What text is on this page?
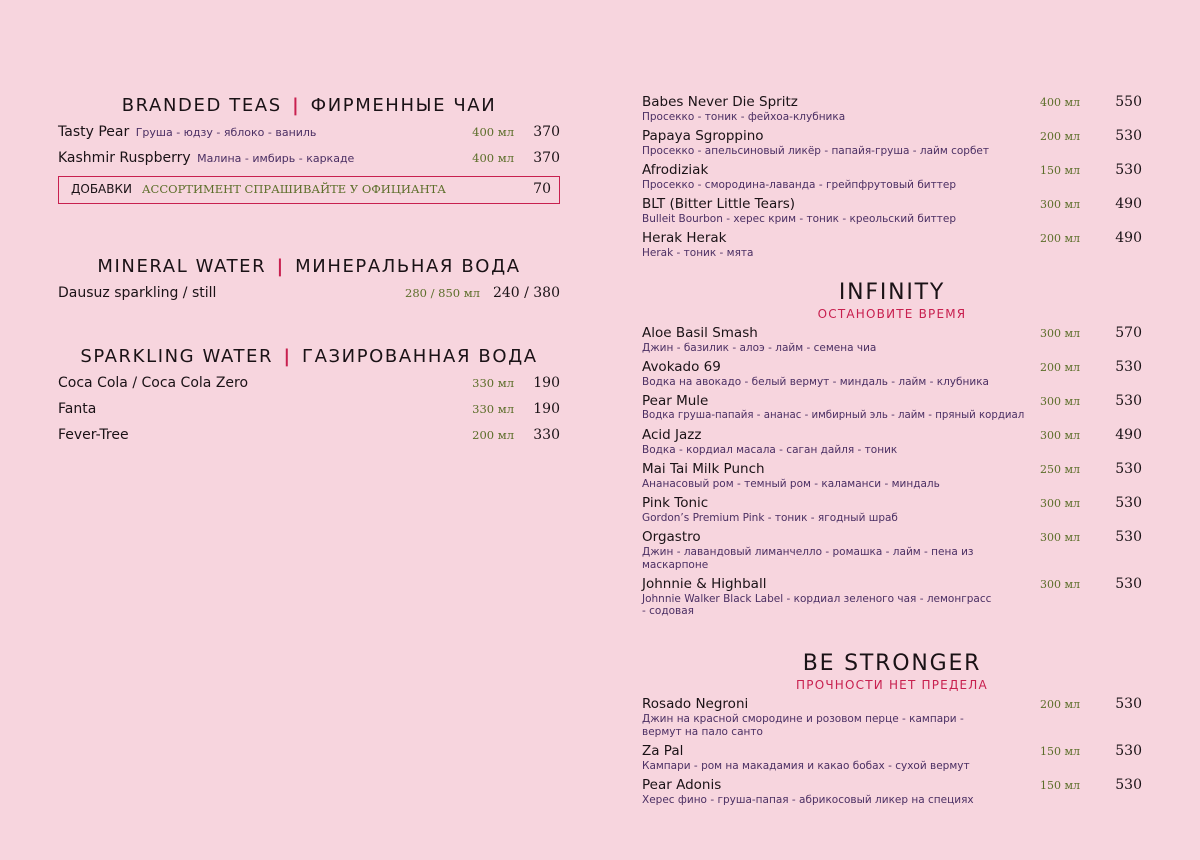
BRANDED TEAS | ФИРМЕННЫЕ ЧАИ
Tasty Pear Груша - юдзу - яблоко - ваниль	400 мл 370
Kashmir Ruspberry Малина - имбирь - каркаде	400 мл 370
ДОБАВКИ АССОРТИМЕНТ СПРАШИВАЙТЕ У ОФИЦИАНТА	70
MINERAL WATER | МИНЕРАЛЬНАЯ ВОДА
Dausuz sparkling / still	280 / 850 мл 240 / 380
SPARKLING WATER | ГАЗИРОВАННАЯ ВОДА
Coca Cola / Coca Cola Zero	330 мл 190
Fanta	330 мл 190
Fever-Tree	200 мл 330
Babes Never Die Spritz
Просекко - тоник - фейхоа-клубника
400 мл	550
Papaya Sgroppino
Просекко - апельсиновый ликёр - папайя-груша - лайм сорбет
200 мл	530
Afrodiziak
Просекко - смородина-лаванда - грейпфрутовый биттер
150 мл	530
BLT (Bitter Little Tears)
Bulleit Bourbon - херес крим - тоник - креольский биттер
300 мл	490
Herak Herak
Herak - тоник - мята
200 мл	490
INFINITY
ОСТАНОВИТЕ ВРЕМЯ
Aloe Basil Smash
Джин - базилик - алоэ - лайм - семена чиа
300 мл	570
Avokado 69
Водка на авокадо - белый вермут - миндаль - лайм - клубника
200 мл	530
Pear Mule
Водка груша-папайя - ананас - имбирный эль - лайм - пряный кордиал
300 мл	530
Acid Jazz
Водка - кордиал масала - саган дайля - тоник
300 мл	490
Mai Tai Milk Punch
Ананасовый ром - темный ром - каламанси - миндаль
250 мл	530
Pink Tonic
Gordon’s Premium Pink - тоник - ягодный шраб
300 мл	530
Orgastro
Джин - лавандовый лиманчелло - ромашка - лайм - пена из маскарпоне
300 мл	530
Johnnie & Highball
Johnnie Walker Black Label - кордиал зеленого чая - лемонграсс - содовая
300 мл	530
BE STRONGER
ПРОЧНОСТИ НЕТ ПРЕДЕЛА
Rosado Negroni
Джин на красной смородине и розовом перце - кампари - вермут на пало санто
200 мл	530
Za Pal
Кампари - ром на макадамия и какао бобах - сухой вермут
150 мл	530
Pear Adonis
Херес фино - груша-папая - абрикосовый ликер на специях
150 мл	530
